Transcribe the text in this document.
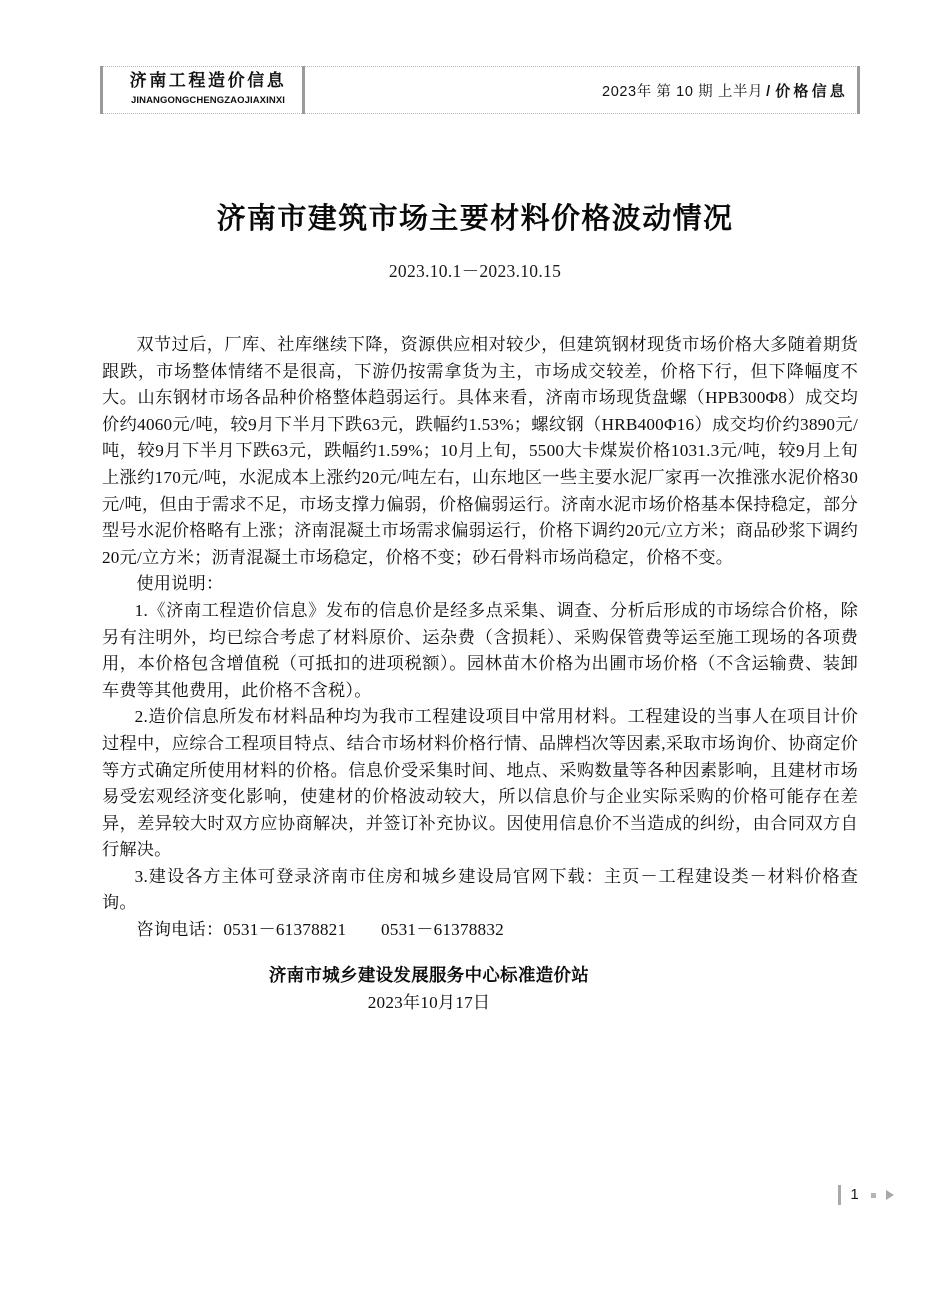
济南工程造价信息
JINANGONGCHENGZAOJIAXINXI
2023年 第 10 期 上半月 / 价格信息
济南市建筑市场主要材料价格波动情况
2023.10.1－2023.10.15

双节过后，厂库、社库继续下降，资源供应相对较少，但建筑钢材现货市场价格大多随着期货跟跌，市场整体情绪不是很高，下游仍按需拿货为主，市场成交较差，价格下行，但下降幅度不大。山东钢材市场各品种价格整体趋弱运行。具体来看，济南市场现货盘螺（HPB300Φ8）成交均价约4060元/吨，较9月下半月下跌63元，跌幅约1.53%；螺纹钢（HRB400Φ16）成交均价约3890元/吨，较9月下半月下跌63元，跌幅约1.59%；10月上旬，5500大卡煤炭价格1031.3元/吨，较9月上旬上涨约170元/吨，水泥成本上涨约20元/吨左右，山东地区一些主要水泥厂家再一次推涨水泥价格30元/吨，但由于需求不足，市场支撑力偏弱，价格偏弱运行。济南水泥市场价格基本保持稳定，部分型号水泥价格略有上涨；济南混凝土市场需求偏弱运行，价格下调约20元/立方米；商品砂浆下调约20元/立方米；沥青混凝土市场稳定，价格不变；砂石骨料市场尚稳定，价格不变。

使用说明：

1.《济南工程造价信息》发布的信息价是经多点采集、调查、分析后形成的市场综合价格，除另有注明外，均已综合考虑了材料原价、运杂费（含损耗）、采购保管费等运至施工现场的各项费用，本价格包含增值税（可抵扣的进项税额）。园林苗木价格为出圃市场价格（不含运输费、装卸车费等其他费用，此价格不含税）。

2.造价信息所发布材料品种均为我市工程建设项目中常用材料。工程建设的当事人在项目计价过程中，应综合工程项目特点、结合市场材料价格行情、品牌档次等因素,采取市场询价、协商定价等方式确定所使用材料的价格。信息价受采集时间、地点、采购数量等各种因素影响，且建材市场易受宏观经济变化影响，使建材的价格波动较大，所以信息价与企业实际采购的价格可能存在差异，差异较大时双方应协商解决，并签订补充协议。因使用信息价不当造成的纠纷，由合同双方自行解决。

3.建设各方主体可登录济南市住房和城乡建设局官网下载：主页－工程建设类－材料价格查询。

咨询电话：0531－61378821　　0531－61378832

济南市城乡建设发展服务中心标准造价站
2023年10月17日
1
